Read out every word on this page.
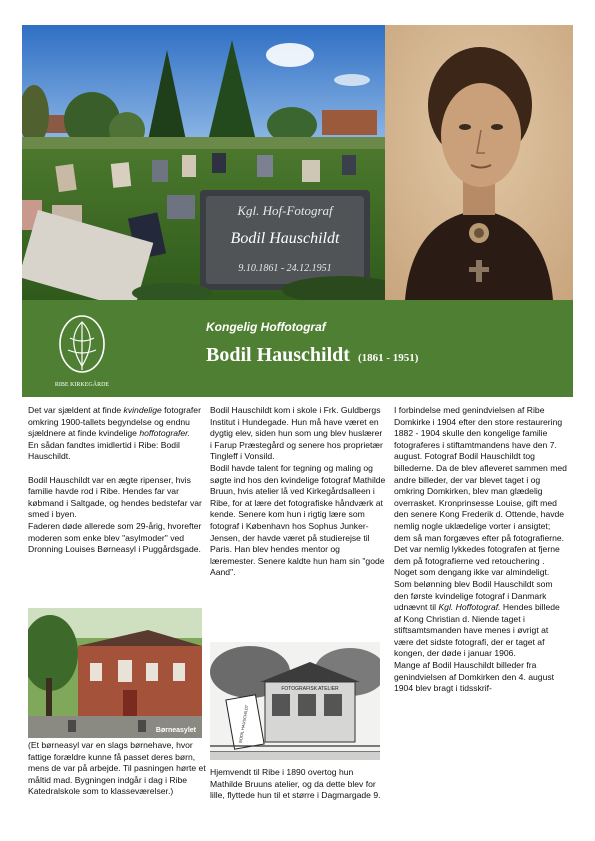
Kgl. Hof-Fotograf
Bodil Hauschildt
9.10.1861 - 24.12.1951
RIBE KIRKEGÅRDE
Kongelig Hoffotograf
Bodil Hauschildt (1861 - 1951)

Det var sjældent at finde kvindelige fotografer omkring 1900-tallets begyndelse og endnu sjældnere at finde kvindelige hoffotografer. En sådan fandtes imidlertid i Ribe: Bodil Hauschildt.

Bodil Hauschildt var en ægte ripenser, hvis familie havde rod i Ribe. Hendes far var købmand i Saltgade, og hendes bedstefar var smed i byen.

Faderen døde allerede som 29-årig, hvorefter moderen som enke blev "asylmoder" ved Dronning Louises Børneasyl i Puggårdsgade.

Børneasylet

(Et børneasyl var en slags børnehave, hvor fattige forældre kunne få passet deres børn, mens de var på arbejde. Til pasningen hørte et måltid mad. Bygningen indgår i dag i Ribe Katedralskole som to klasseværelser.)

Bodil Hauschildt kom i skole i Frk. Guldbergs Institut i Hundegade. Hun må have været en dygtig elev, siden hun som ung blev huslærer i Farup Præstegård og senere hos proprietær Tingleff i Vonsild.

Bodil havde talent for tegning og maling og søgte ind hos den kvindelige fotograf Mathilde Bruun, hvis atelier lå ved Kirkegårdsalleen i Ribe, for at lære det fotografiske håndværk at kende. Senere kom hun i rigtig lære som fotograf i København hos Sophus Junker-Jensen, der havde været på studierejse til Paris. Han blev hendes mentor og læremester. Senere kaldte hun ham sin "gode Aand".

FOTOGRAFISK ATELIER
BODIL HAUSCHILDT

Hjemvendt til Ribe i 1890 overtog hun Mathilde Bruuns atelier, og da dette blev for lille, flyttede hun til et større i Dagmargade 9.

I forbindelse med genindvielsen af Ribe Domkirke i 1904 efter den store restaurering 1882 - 1904 skulle den kongelige familie fotograferes i stiftamtmandens have den 7. august. Fotograf Bodil Hauschildt tog billederne. Da de blev afleveret sammen med andre billeder, der var blevet taget i og omkring Domkirken, blev man glædelig overrasket. Kronprinsesse Louise, gift med den senere Kong Frederik d. Ottende, havde nemlig nogle uklædelige vorter i ansigtet; dem så man forgæves efter på fotografierne. Det var nemlig lykkedes fotografen at fjerne dem på fotografierne ved retouchering . Noget som dengang ikke var almindeligt.

Som belønning blev Bodil Hauschildt som den første kvindelige fotograf i Danmark udnævnt til Kgl. Hoffotograf. Hendes billede af Kong Christian d. Niende taget i stiftsamtsmanden have menes i øvrigt at være det sidste fotografi, der er taget af kongen, der døde i januar 1906.

Mange af Bodil Hauschildt billeder fra genindvielsen af Domkirken den 4. august 1904 blev bragt i tidsskrif-
